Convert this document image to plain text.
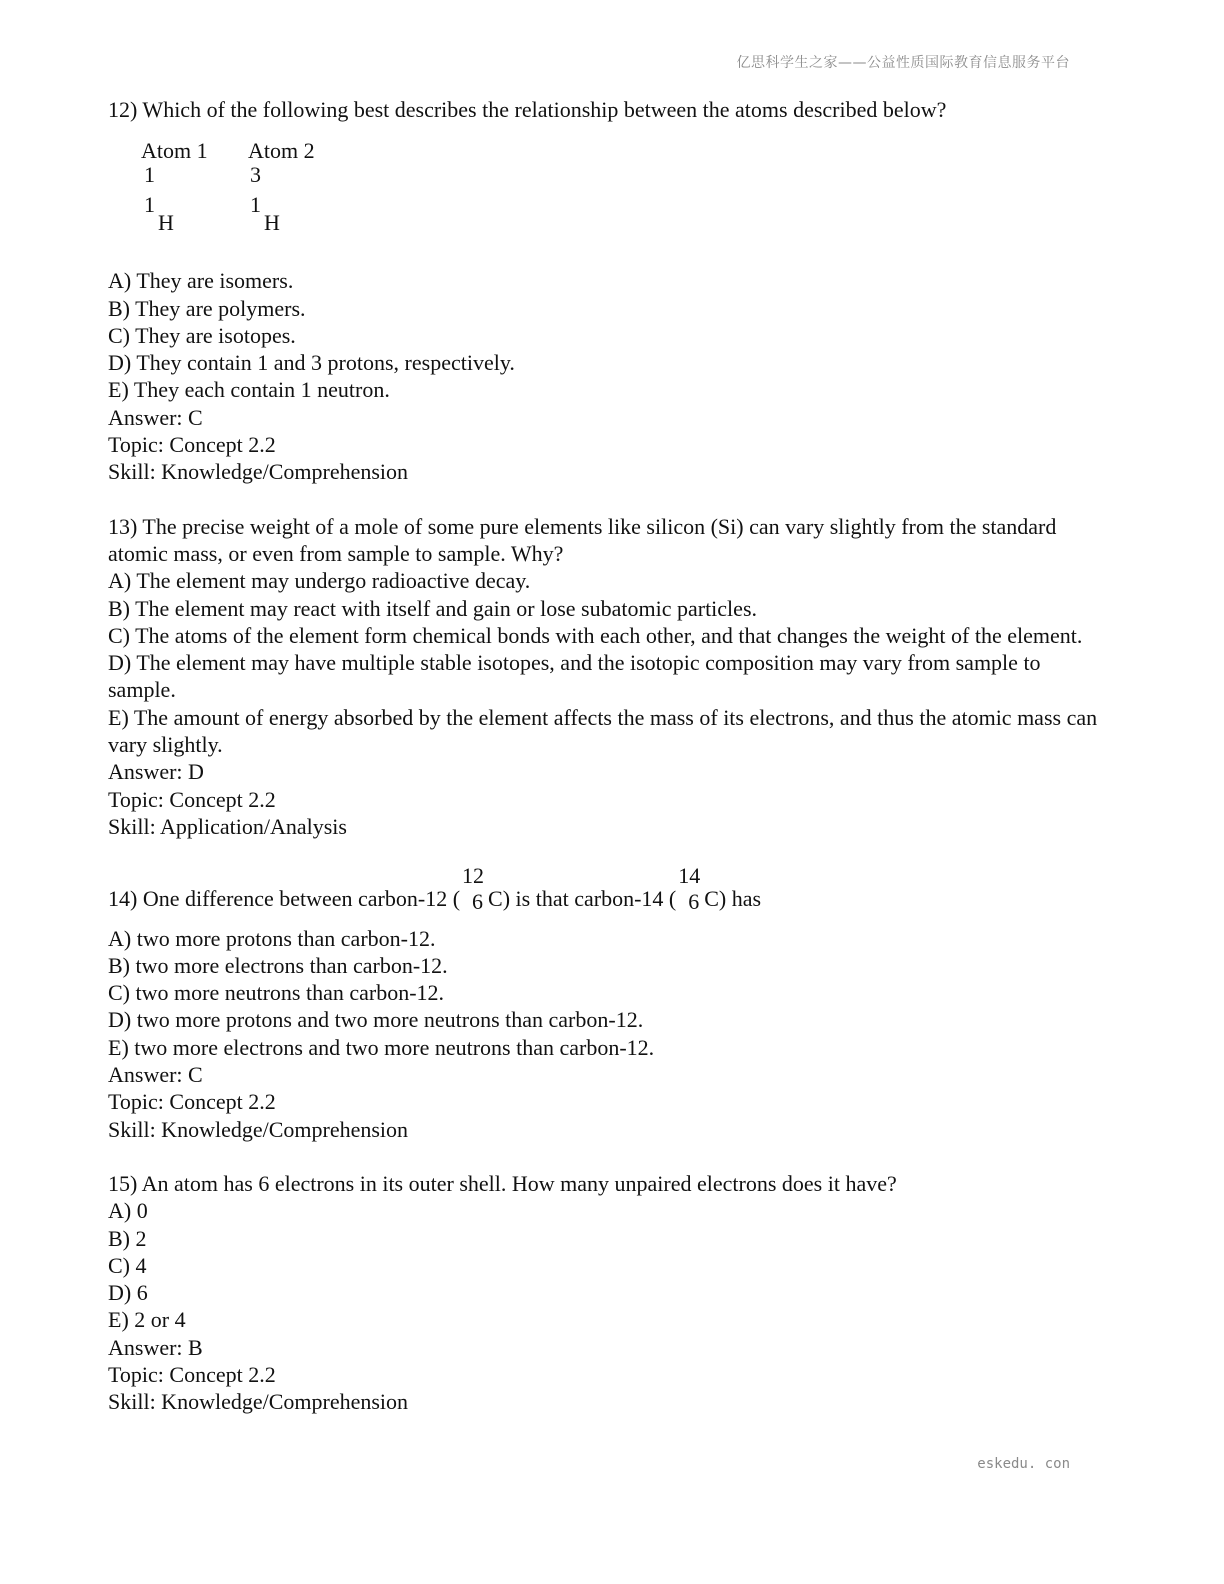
亿思科学生之家——公益性质国际教育信息服务平台
12) Which of the following best describes the relationship between the atoms described below?
Atom 1 Atom 2
1	3
1	1
H	H
A) They are isomers.
B) They are polymers.
C) They are isotopes.
D) They contain 1 and 3 protons, respectively.
E) They each contain 1 neutron.
Answer: C
Topic: Concept 2.2
Skill: Knowledge/Comprehension
13) The precise weight of a mole of some pure elements like silicon (Si) can vary slightly from the standard atomic mass, or even from sample to sample. Why?
A) The element may undergo radioactive decay.
B) The element may react with itself and gain or lose subatomic particles.
C) The atoms of the element form chemical bonds with each other, and that changes the weight of the element.
D) The element may have multiple stable isotopes, and the isotopic composition may vary from sample to sample.
E) The amount of energy absorbed by the element affects the mass of its electrons, and thus the atomic mass can vary slightly.
Answer: D
Topic: Concept 2.2
Skill: Application/Analysis
14) One difference between carbon-12 (
12
6 C) is that carbon-14 (
14
6 C) has
A) two more protons than carbon-12.
B) two more electrons than carbon-12.
C) two more neutrons than carbon-12.
D) two more protons and two more neutrons than carbon-12.
E) two more electrons and two more neutrons than carbon-12.
Answer: C
Topic: Concept 2.2
Skill: Knowledge/Comprehension
15) An atom has 6 electrons in its outer shell. How many unpaired electrons does it have?
A) 0
B) 2
C) 4
D) 6
E) 2 or 4
Answer: B
Topic: Concept 2.2
Skill: Knowledge/Comprehension
eskedu. con
